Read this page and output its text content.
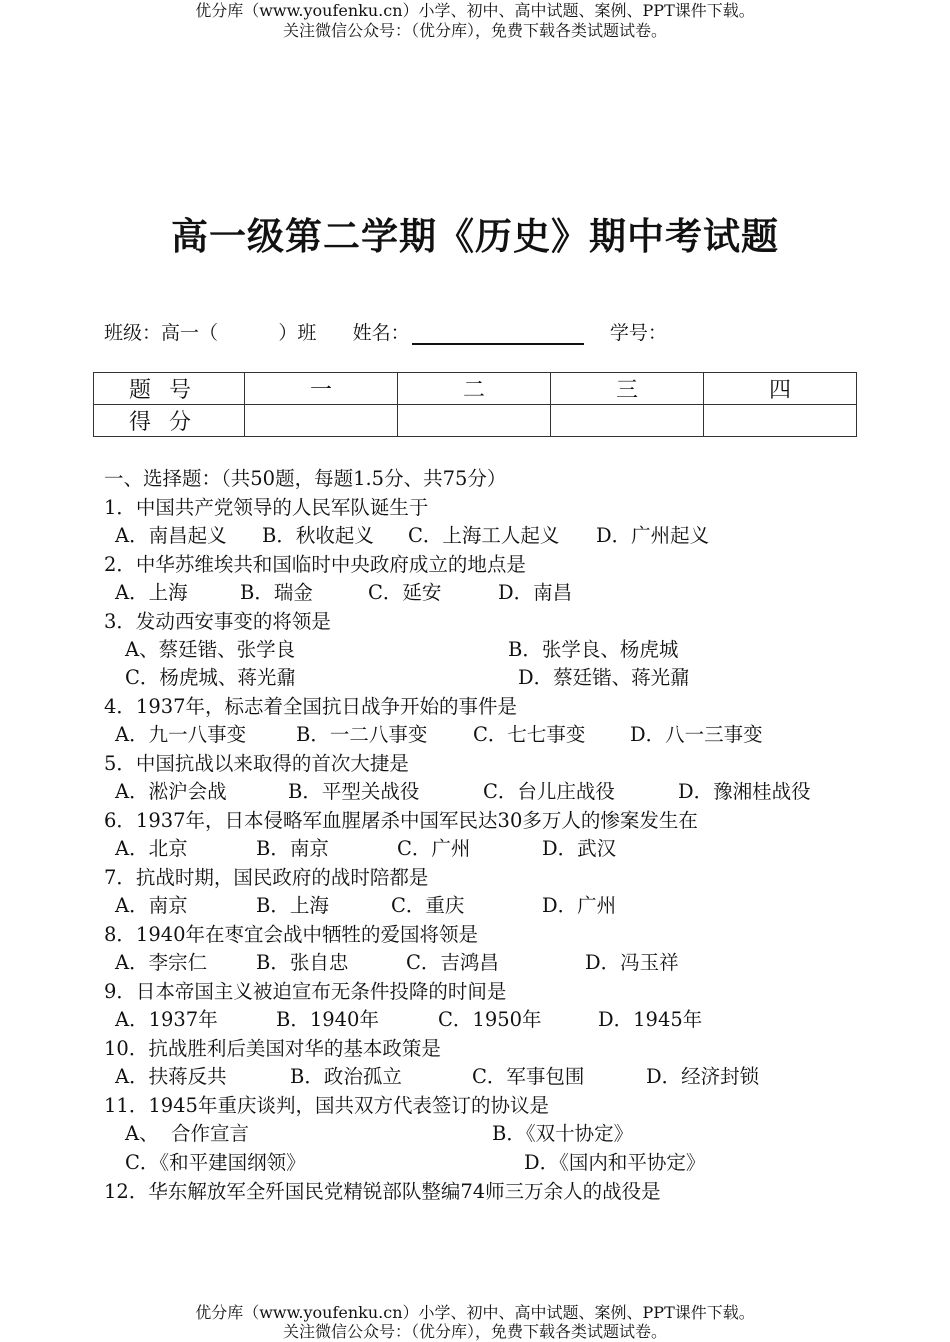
优分库（www.youfenku.cn）小学、初中、高中试题、案例、PPT课件下载。
关注微信公众号：（优分库），免费下载各类试题试卷。
高一级第二学期《历史》期中考试题
班级：高一（          ）班 姓名：	学号：
题号	一	二	三	四
得分				
一、选择题：（共50题，每题1.5分、共75分）
1．中国共产党领导的人民军队诞生于
A．南昌起义 B．秋收起义 C．上海工人起义 D．广州起义
2．中华苏维埃共和国临时中央政府成立的地点是
A．上海	B．瑞金	C．延安	D．南昌
3．发动西安事变的将领是
A、蔡廷锴、张学良	B．张学良、杨虎城
C．杨虎城、蒋光鼐	D．蔡廷锴、蒋光鼐
4．1937年，标志着全国抗日战争开始的事件是
A．九一八事变	B．一二八事变 C．七七事变 D．八一三事变
5．中国抗战以来取得的首次大捷是
A．淞沪会战	B．平型关战役	C．台儿庄战役	D．豫湘桂战役
6．1937年，日本侵略军血腥屠杀中国军民达30多万人的惨案发生在
A．北京	B．南京	C．广州	D．武汉
7．抗战时期，国民政府的战时陪都是
A．南京	B．上海	C．重庆	D．广州
8．1940年在枣宜会战中牺牲的爱国将领是
A．李宗仁	B．张自忠	C．吉鸿昌	D．冯玉祥
9．日本帝国主义被迫宣布无条件投降的时间是
A．1937年	B．1940年	C．1950年	D．1945年
10．抗战胜利后美国对华的基本政策是
A．扶蒋反共	B．政治孤立	C．军事包围	D．经济封锁
11．1945年重庆谈判，国共双方代表签订的协议是
A、  合作宣言	B．《双十协定》
C．《和平建国纲领》	D．《国内和平协定》
12．华东解放军全歼国民党精锐部队整编74师三万余人的战役是
优分库（www.youfenku.cn）小学、初中、高中试题、案例、PPT课件下载。
关注微信公众号：（优分库），免费下载各类试题试卷。
